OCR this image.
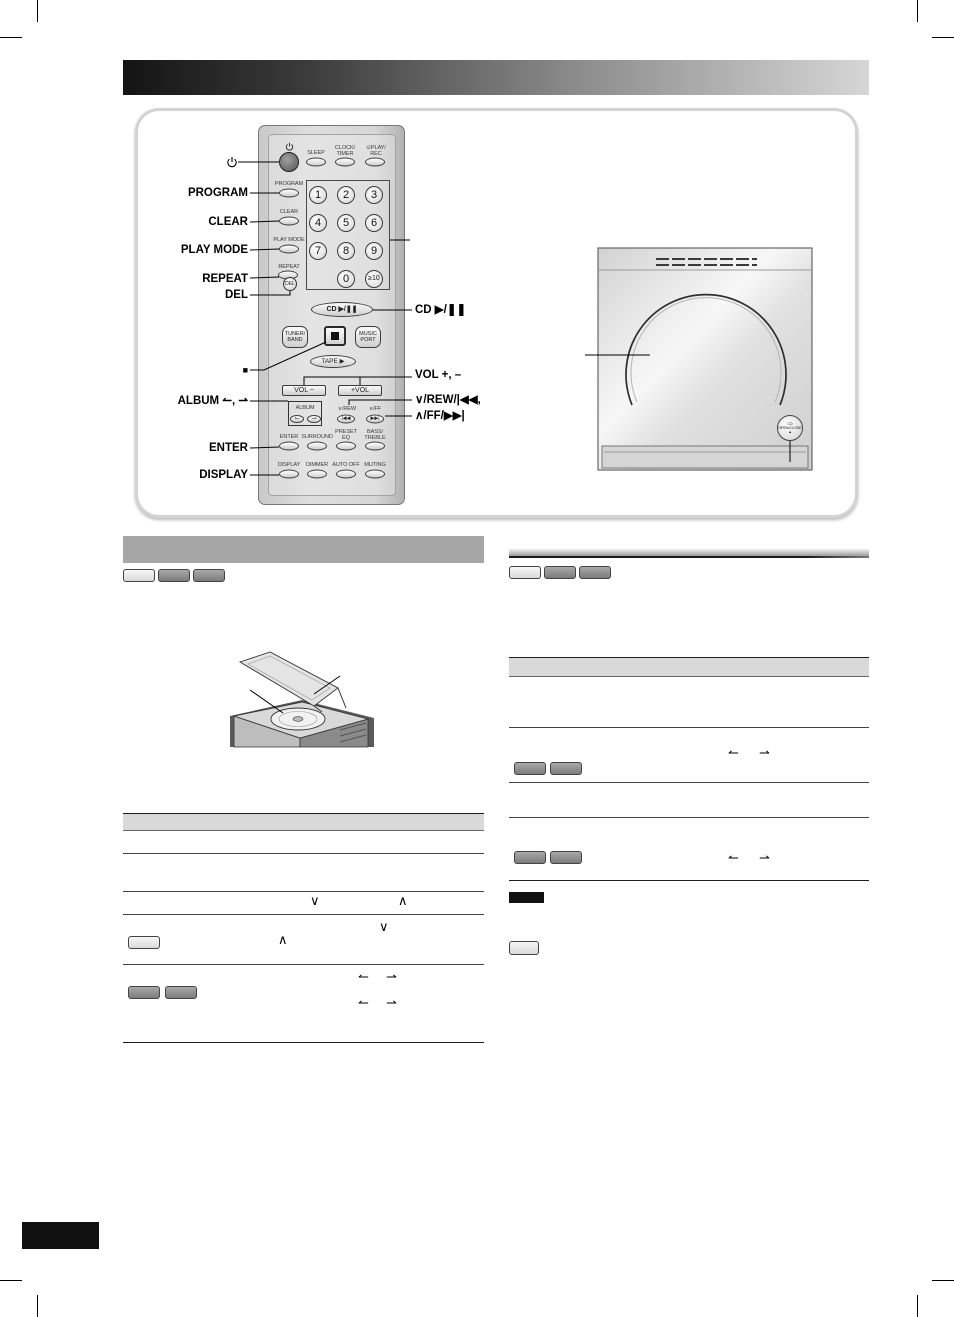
SLEEP
CLOCK/
TIMER
⊙PLAY/
REC
PROGRAM
CLEAR
PLAY MODE
REPEAT
DEL
1	2	3
4	5	6
7	8	9
0	≥10
CD ▶/❚❚
TUNER/
BAND
MUSIC
PORT
TAPE ▶
VOL −	+VOL
ALBUM
↼	⇀
∨/REW
|◀◀
∧/FF
▶▶|
ENTER SURROUND
PRESET
EQ
BASS/
TREBLE
DISPLAY DIMMER AUTO OFF MUTING
PROGRAM
CLEAR
PLAY MODE
REPEAT
DEL
■
ALBUM ↼, ⇀
ENTER
DISPLAY
CD ▶/❚❚
VOL +, –
∨/REW/|◀◀,
∧/FF/▶▶|
CD
OPEN/CLOSE
▲
∨	∧
∨
∧
↼ ⇀
↼ ⇀
↼ ⇀
↼ ⇀
